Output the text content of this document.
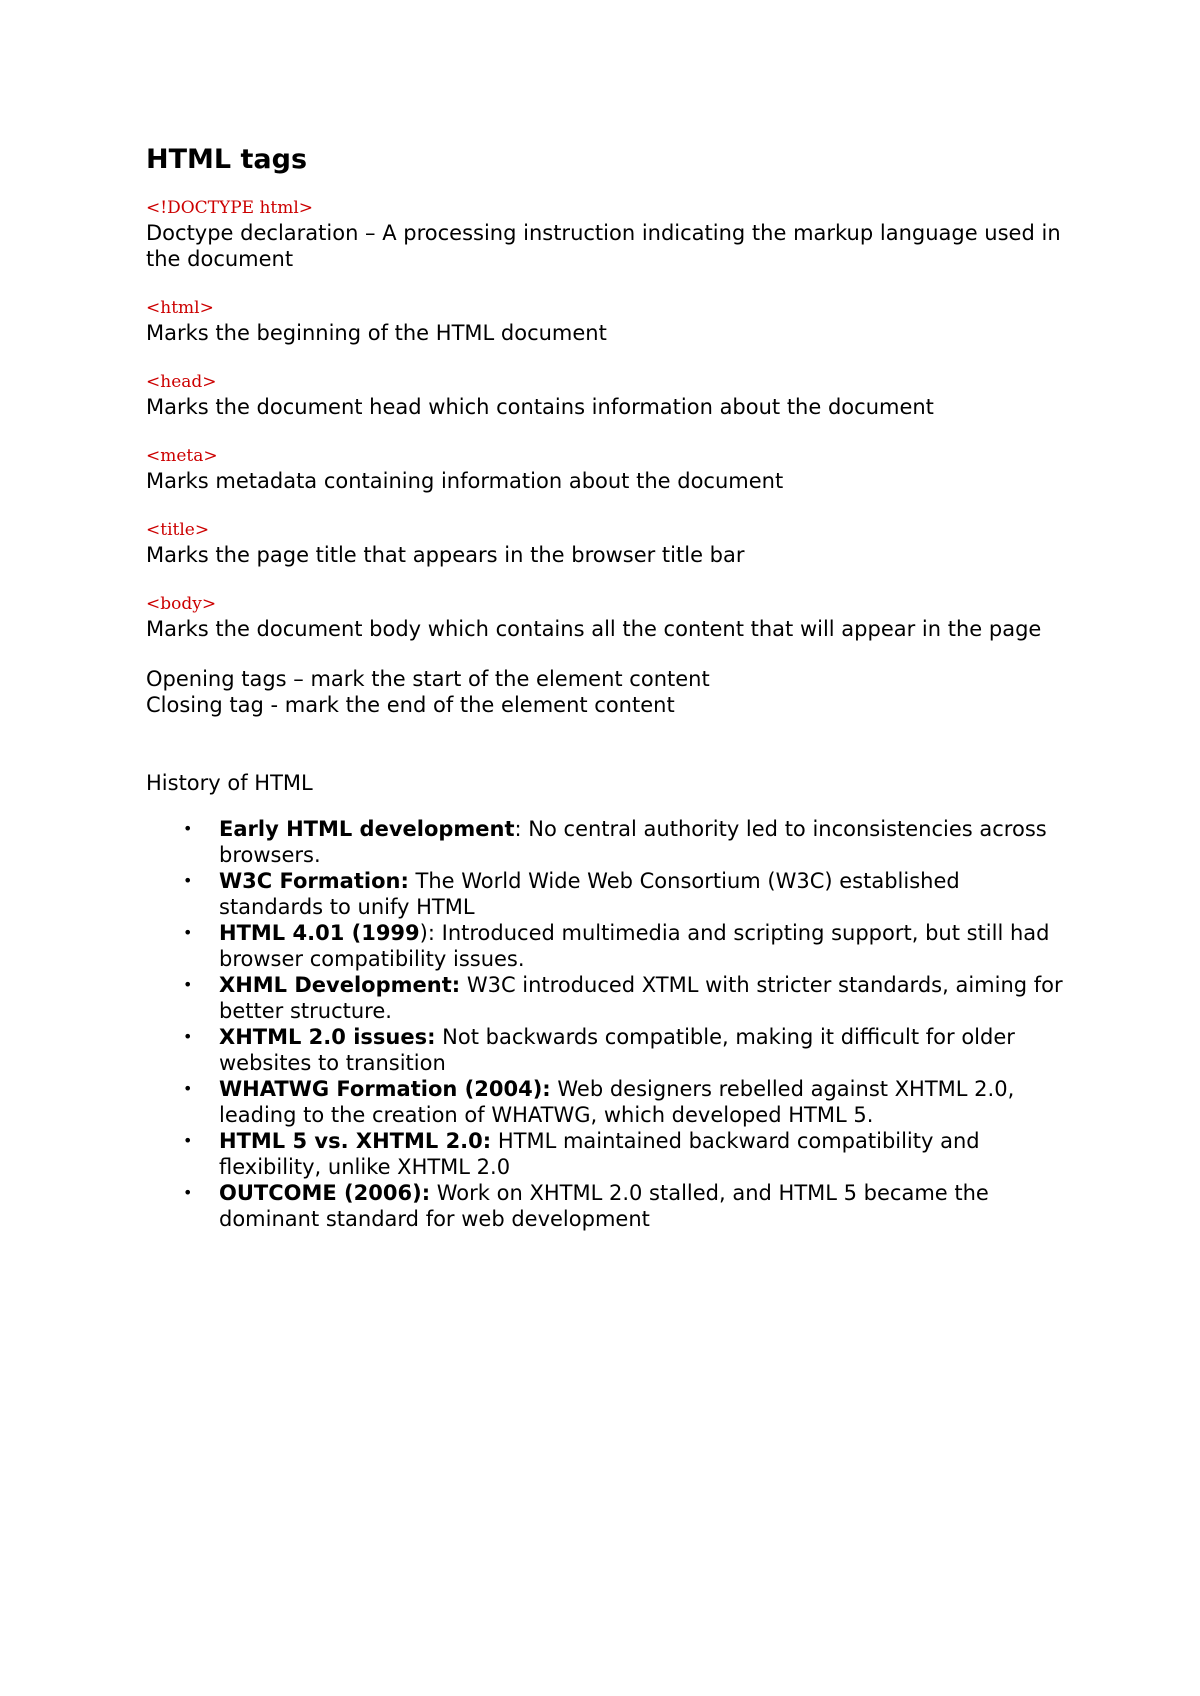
HTML tags
<!DOCTYPE html>
Doctype declaration – A processing instruction indicating the markup language used in the document
<html>
Marks the beginning of the HTML document
<head>
Marks the document head which contains information about the document
<meta>
Marks metadata containing information about the document
<title>
Marks the page title that appears in the browser title bar
<body>
Marks the document body which contains all the content that will appear in the page
Opening tags – mark the start of the element content
Closing tag - mark the end of the element content
History of HTML
• Early HTML development: No central authority led to inconsistencies across browsers.
• W3C Formation: The World Wide Web Consortium (W3C) established standards to unify HTML
• HTML 4.01 (1999): Introduced multimedia and scripting support, but still had browser compatibility issues.
• XHML Development: W3C introduced XTML with stricter standards, aiming for better structure.
• XHTML 2.0 issues: Not backwards compatible, making it difficult for older websites to transition
• WHATWG Formation (2004): Web designers rebelled against XHTML 2.0, leading to the creation of WHATWG, which developed HTML 5.
• HTML 5 vs. XHTML 2.0: HTML maintained backward compatibility and flexibility, unlike XHTML 2.0
• OUTCOME (2006): Work on XHTML 2.0 stalled, and HTML 5 became the dominant standard for web development
